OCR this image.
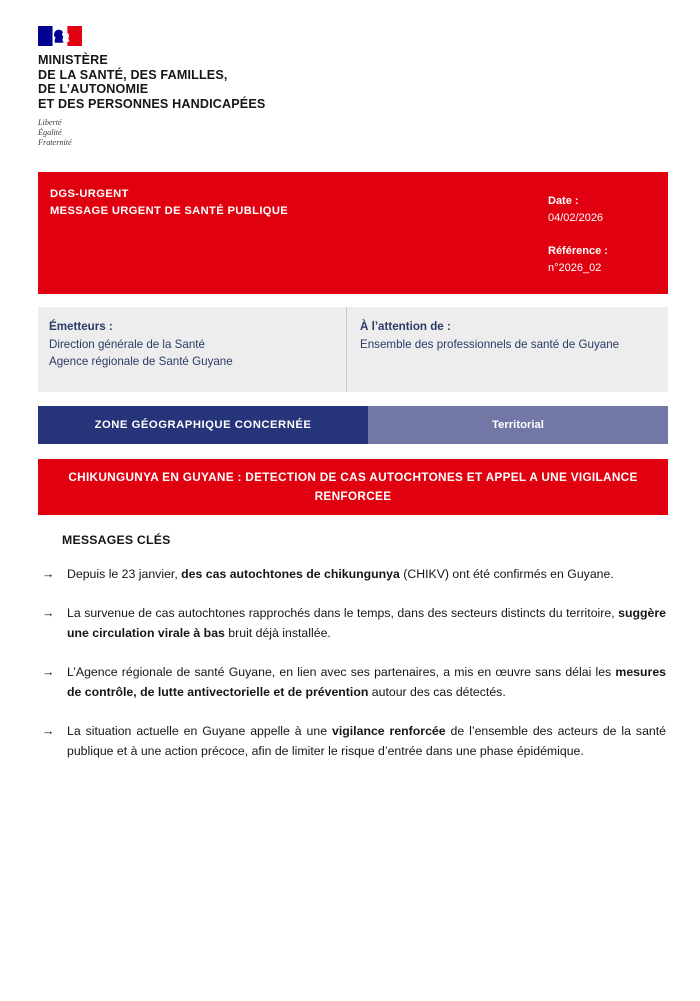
MINISTÈRE
DE LA SANTÉ, DES FAMILLES,
DE L’AUTONOMIE
ET DES PERSONNES HANDICAPÉES
Liberté
Égalité
Fraternité
DGS-URGENT
MESSAGE URGENT DE SANTÉ PUBLIQUE
Date :
04/02/2026
Référence :
n°2026_02
Émetteurs :
Direction générale de la Santé
Agence régionale de Santé Guyane
À l’attention de :
Ensemble des professionnels de santé de Guyane
ZONE GÉOGRAPHIQUE CONCERNÉE	Territorial
CHIKUNGUNYA EN GUYANE : DETECTION DE CAS AUTOCHTONES ET APPEL A UNE VIGILANCE RENFORCEE
MESSAGES CLÉS

→ Depuis le 23 janvier, des cas autochtones de chikungunya (CHIKV) ont été confirmés en Guyane.

→ La survenue de cas autochtones rapprochés dans le temps, dans des secteurs distincts du territoire, suggère une circulation virale à bas bruit déjà installée.

→ L’Agence régionale de santé Guyane, en lien avec ses partenaires, a mis en œuvre sans délai les mesures de contrôle, de lutte antivectorielle et de prévention autour des cas détectés.

→ La situation actuelle en Guyane appelle à une vigilance renforcée de l’ensemble des acteurs de la santé publique et à une action précoce, afin de limiter le risque d’entrée dans une phase épidémique.
